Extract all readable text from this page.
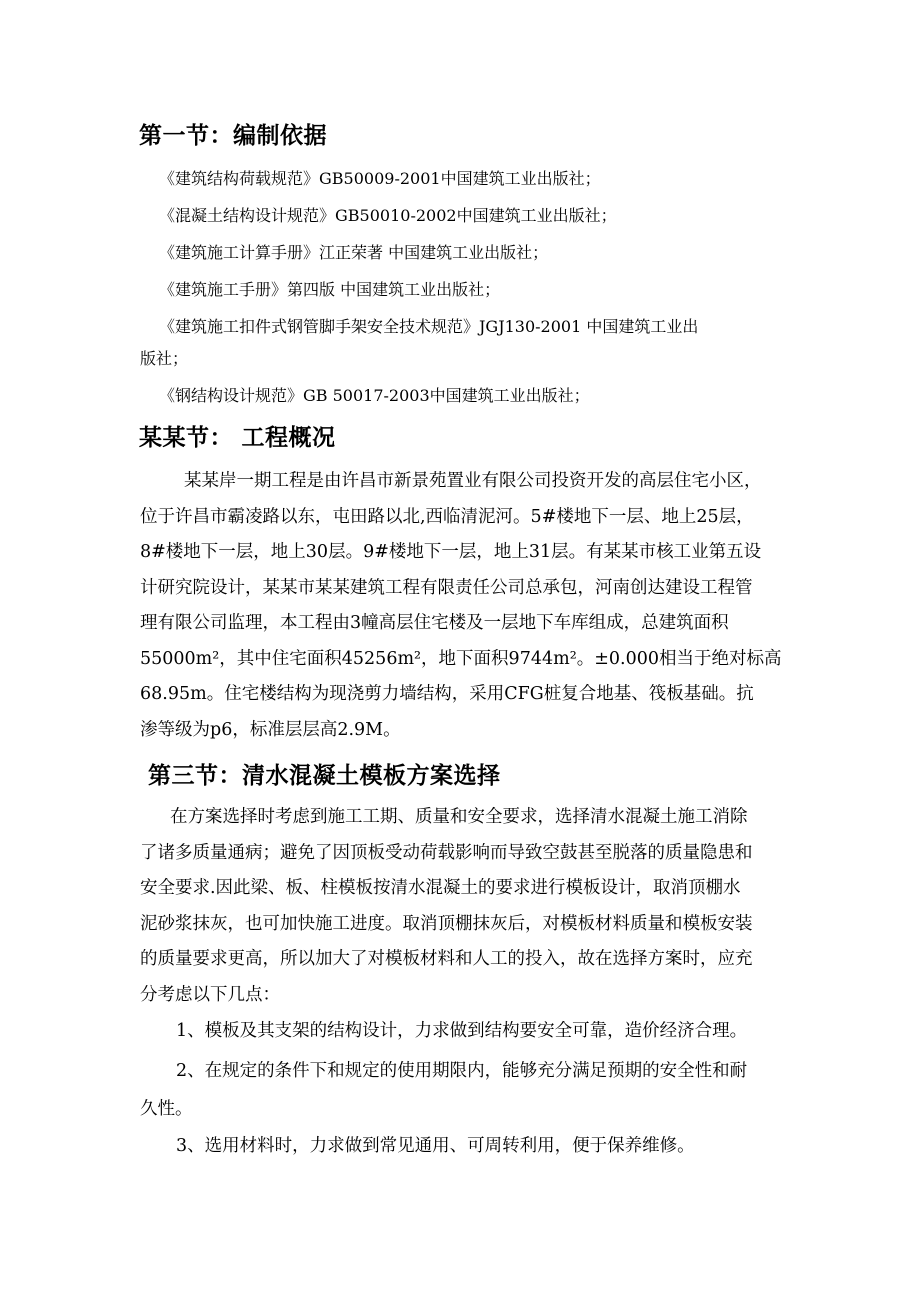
第一节：编制依据

《建筑结构荷载规范》GB50009-2001中国建筑工业出版社；

《混凝土结构设计规范》GB50010-2002中国建筑工业出版社；

《建筑施工计算手册》江正荣著 中国建筑工业出版社；

《建筑施工手册》第四版 中国建筑工业出版社；

《建筑施工扣件式钢管脚手架安全技术规范》JGJ130-2001 中国建筑工业出

版社；

《钢结构设计规范》GB 50017-2003中国建筑工业出版社；

某某节： 工程概况
某某岸一期工程是由许昌市新景苑置业有限公司投资开发的高层住宅小区，
位于许昌市霸凌路以东，屯田路以北,西临清泥河。5#楼地下一层、地上25层，
8#楼地下一层，地上30层。9#楼地下一层，地上31层。有某某市核工业第五设
计研究院设计，某某市某某建筑工程有限责任公司总承包，河南创达建设工程管
理有限公司监理，本工程由3幢高层住宅楼及一层地下车库组成，总建筑面积
55000m²，其中住宅面积45256m²，地下面积9744m²。±0.000相当于绝对标高
68.95m。住宅楼结构为现浇剪力墙结构，采用CFG桩复合地基、筏板基础。抗
渗等级为p6，标准层层高2.9M。
第三节：清水混凝土模板方案选择
在方案选择时考虑到施工工期、质量和安全要求，选择清水混凝土施工消除
了诸多质量通病；避免了因顶板受动荷载影响而导致空鼓甚至脱落的质量隐患和
安全要求.因此梁、板、柱模板按清水混凝土的要求进行模板设计，取消顶棚水
泥砂浆抹灰，也可加快施工进度。取消顶棚抹灰后，对模板材料质量和模板安装
的质量要求更高，所以加大了对模板材料和人工的投入，故在选择方案时，应充
分考虑以下几点：

1、模板及其支架的结构设计，力求做到结构要安全可靠，造价经济合理。

2、在规定的条件下和规定的使用期限内，能够充分满足预期的安全性和耐

久性。

3、选用材料时，力求做到常见通用、可周转利用，便于保养维修。
